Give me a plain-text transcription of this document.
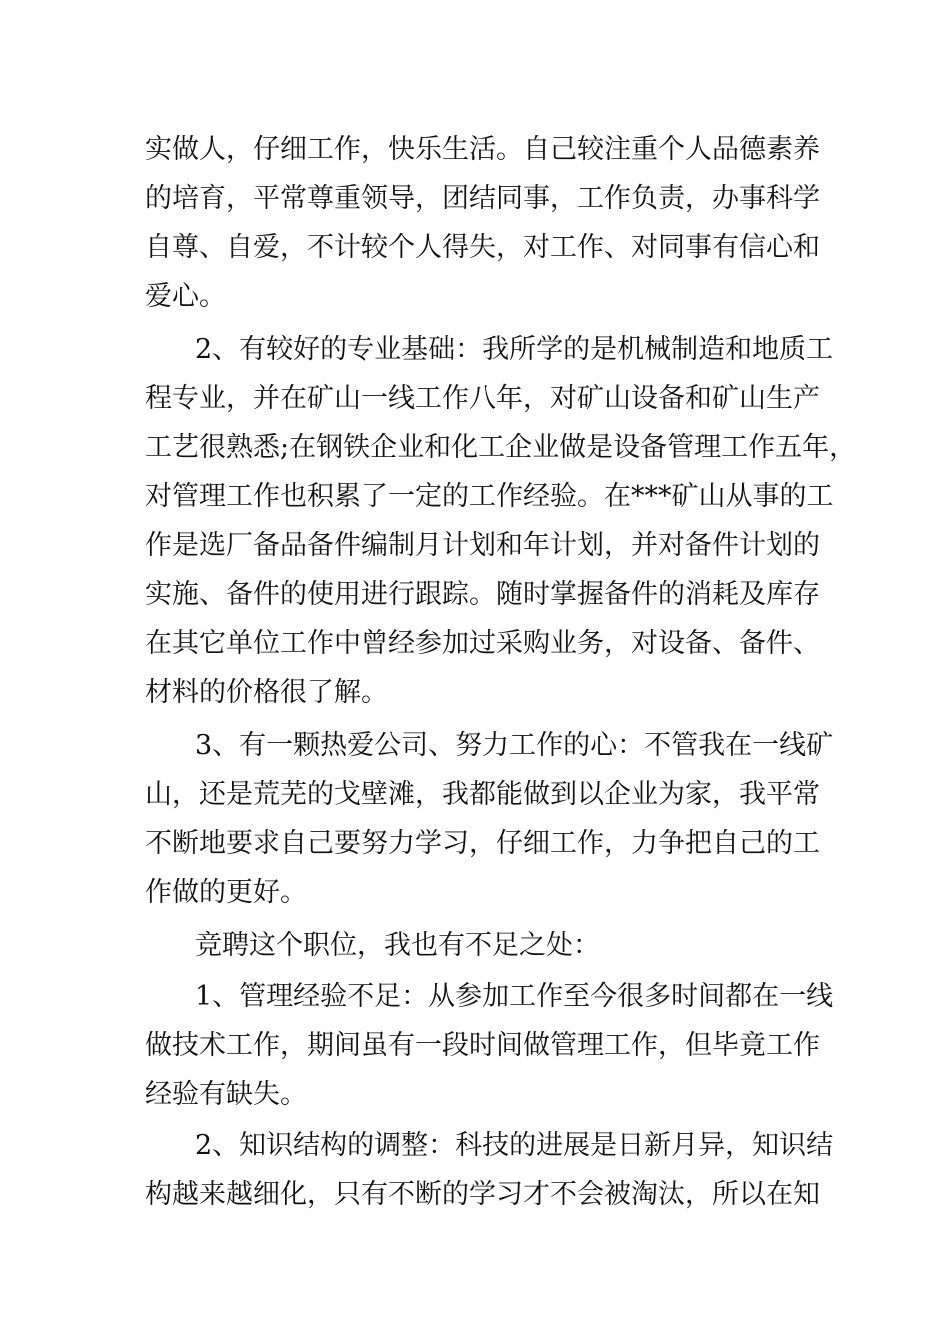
实做人，仔细工作，快乐生活。自己较注重个人品德素养
的培育，平常尊重领导，团结同事，工作负责，办事科学
自尊、自爱，不计较个人得失，对工作、对同事有信心和
爱心。
2、有较好的专业基础：我所学的是机械制造和地质工
程专业，并在矿山一线工作八年，对矿山设备和矿山生产
工艺很熟悉;在钢铁企业和化工企业做是设备管理工作五年，
对管理工作也积累了一定的工作经验。在***矿山从事的工
作是选厂备品备件编制月计划和年计划，并对备件计划的
实施、备件的使用进行跟踪。随时掌握备件的消耗及库存
在其它单位工作中曾经参加过采购业务，对设备、备件、
材料的价格很了解。
3、有一颗热爱公司、努力工作的心：不管我在一线矿
山，还是荒芜的戈壁滩，我都能做到以企业为家，我平常
不断地要求自己要努力学习，仔细工作，力争把自己的工
作做的更好。
竞聘这个职位，我也有不足之处：
1、管理经验不足：从参加工作至今很多时间都在一线
做技术工作，期间虽有一段时间做管理工作，但毕竟工作
经验有缺失。
2、知识结构的调整：科技的进展是日新月异，知识结
构越来越细化，只有不断的学习才不会被淘汰，所以在知
